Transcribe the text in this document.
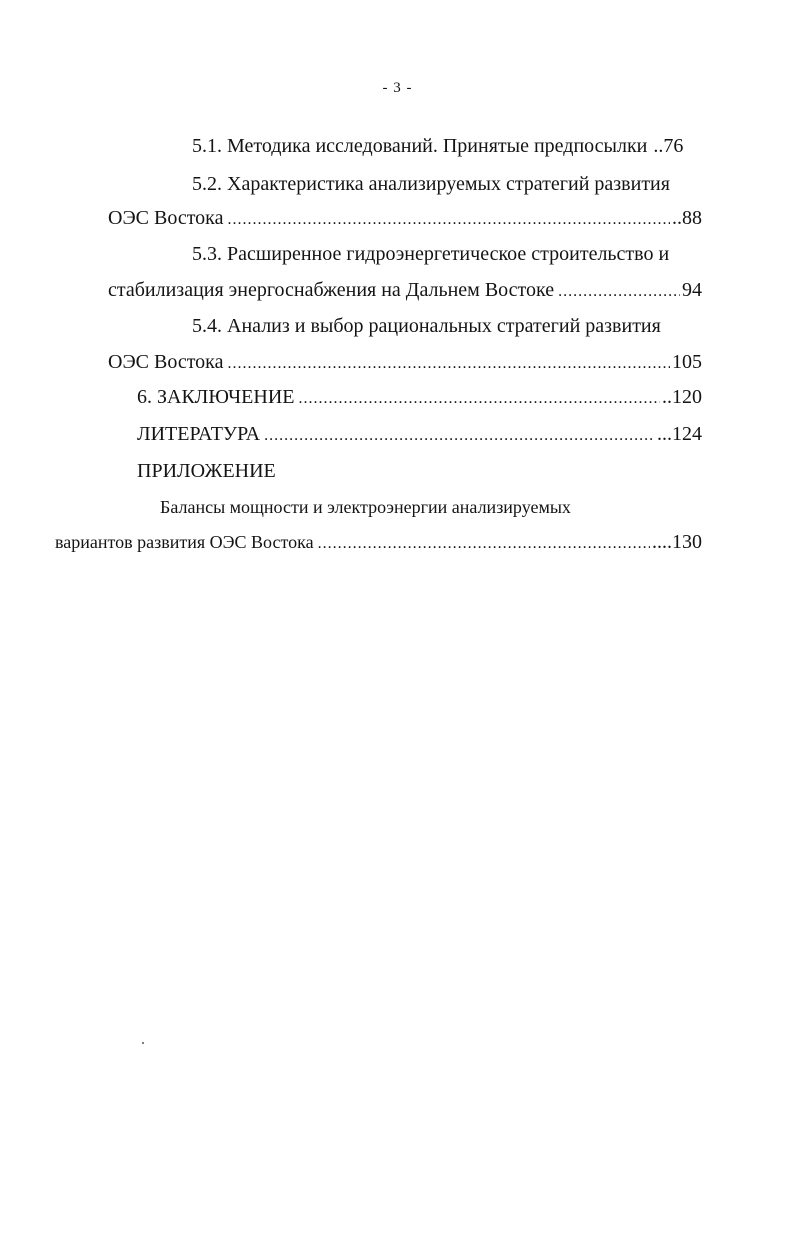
- 3 -
5.1. Методика исследований. Принятые предпосылки ..76
5.2. Характеристика анализируемых стратегий развития
ОЭС Востока .....	..88
5.3. Расширенное гидроэнергетическое строительство и
стабилизация энергоснабжения на Дальнем Востоке .....	94
5.4. Анализ и выбор рациональных стратегий развития
ОЭС Востока .....	105
6. ЗАКЛЮЧЕНИЕ .....	..120
ЛИТЕРАТУРА .....	...124
ПРИЛОЖЕНИЕ
Балансы мощности и электроэнергии анализируемых
вариантов развития ОЭС Востока .....	....130
